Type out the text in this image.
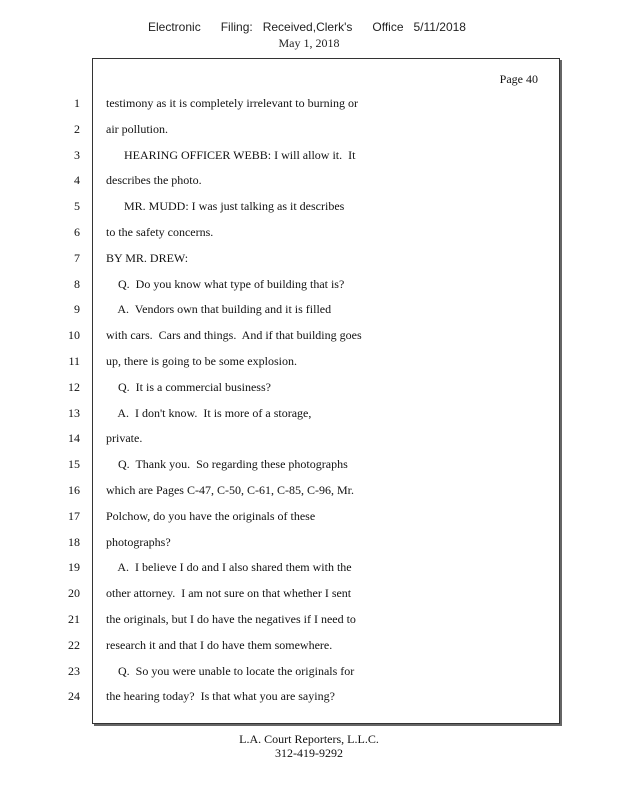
Electronic      Filing:   Received,Clerk's      Office   5/11/2018
May 1, 2018
Page 40
1 testimony as it is completely irrelevant to burning or
2 air pollution.
3 HEARING OFFICER WEBB: I will allow it.  It
4 describes the photo.
5 MR. MUDD: I was just talking as it describes
6 to the safety concerns.
7 BY MR. DREW:
8 Q.  Do you know what type of building that is?
9 A.  Vendors own that building and it is filled
10 with cars.  Cars and things.  And if that building goes
11 up, there is going to be some explosion.
12 Q.  It is a commercial business?
13 A.  I don't know.  It is more of a storage,
14 private.
15 Q.  Thank you.  So regarding these photographs
16 which are Pages C-47, C-50, C-61, C-85, C-96, Mr.
17 Polchow, do you have the originals of these
18 photographs?
19 A.  I believe I do and I also shared them with the
20 other attorney.  I am not sure on that whether I sent
21 the originals, but I do have the negatives if I need to
22 research it and that I do have them somewhere.
23 Q.  So you were unable to locate the originals for
24 the hearing today?  Is that what you are saying?
L.A. Court Reporters, L.L.C.
312-419-9292
